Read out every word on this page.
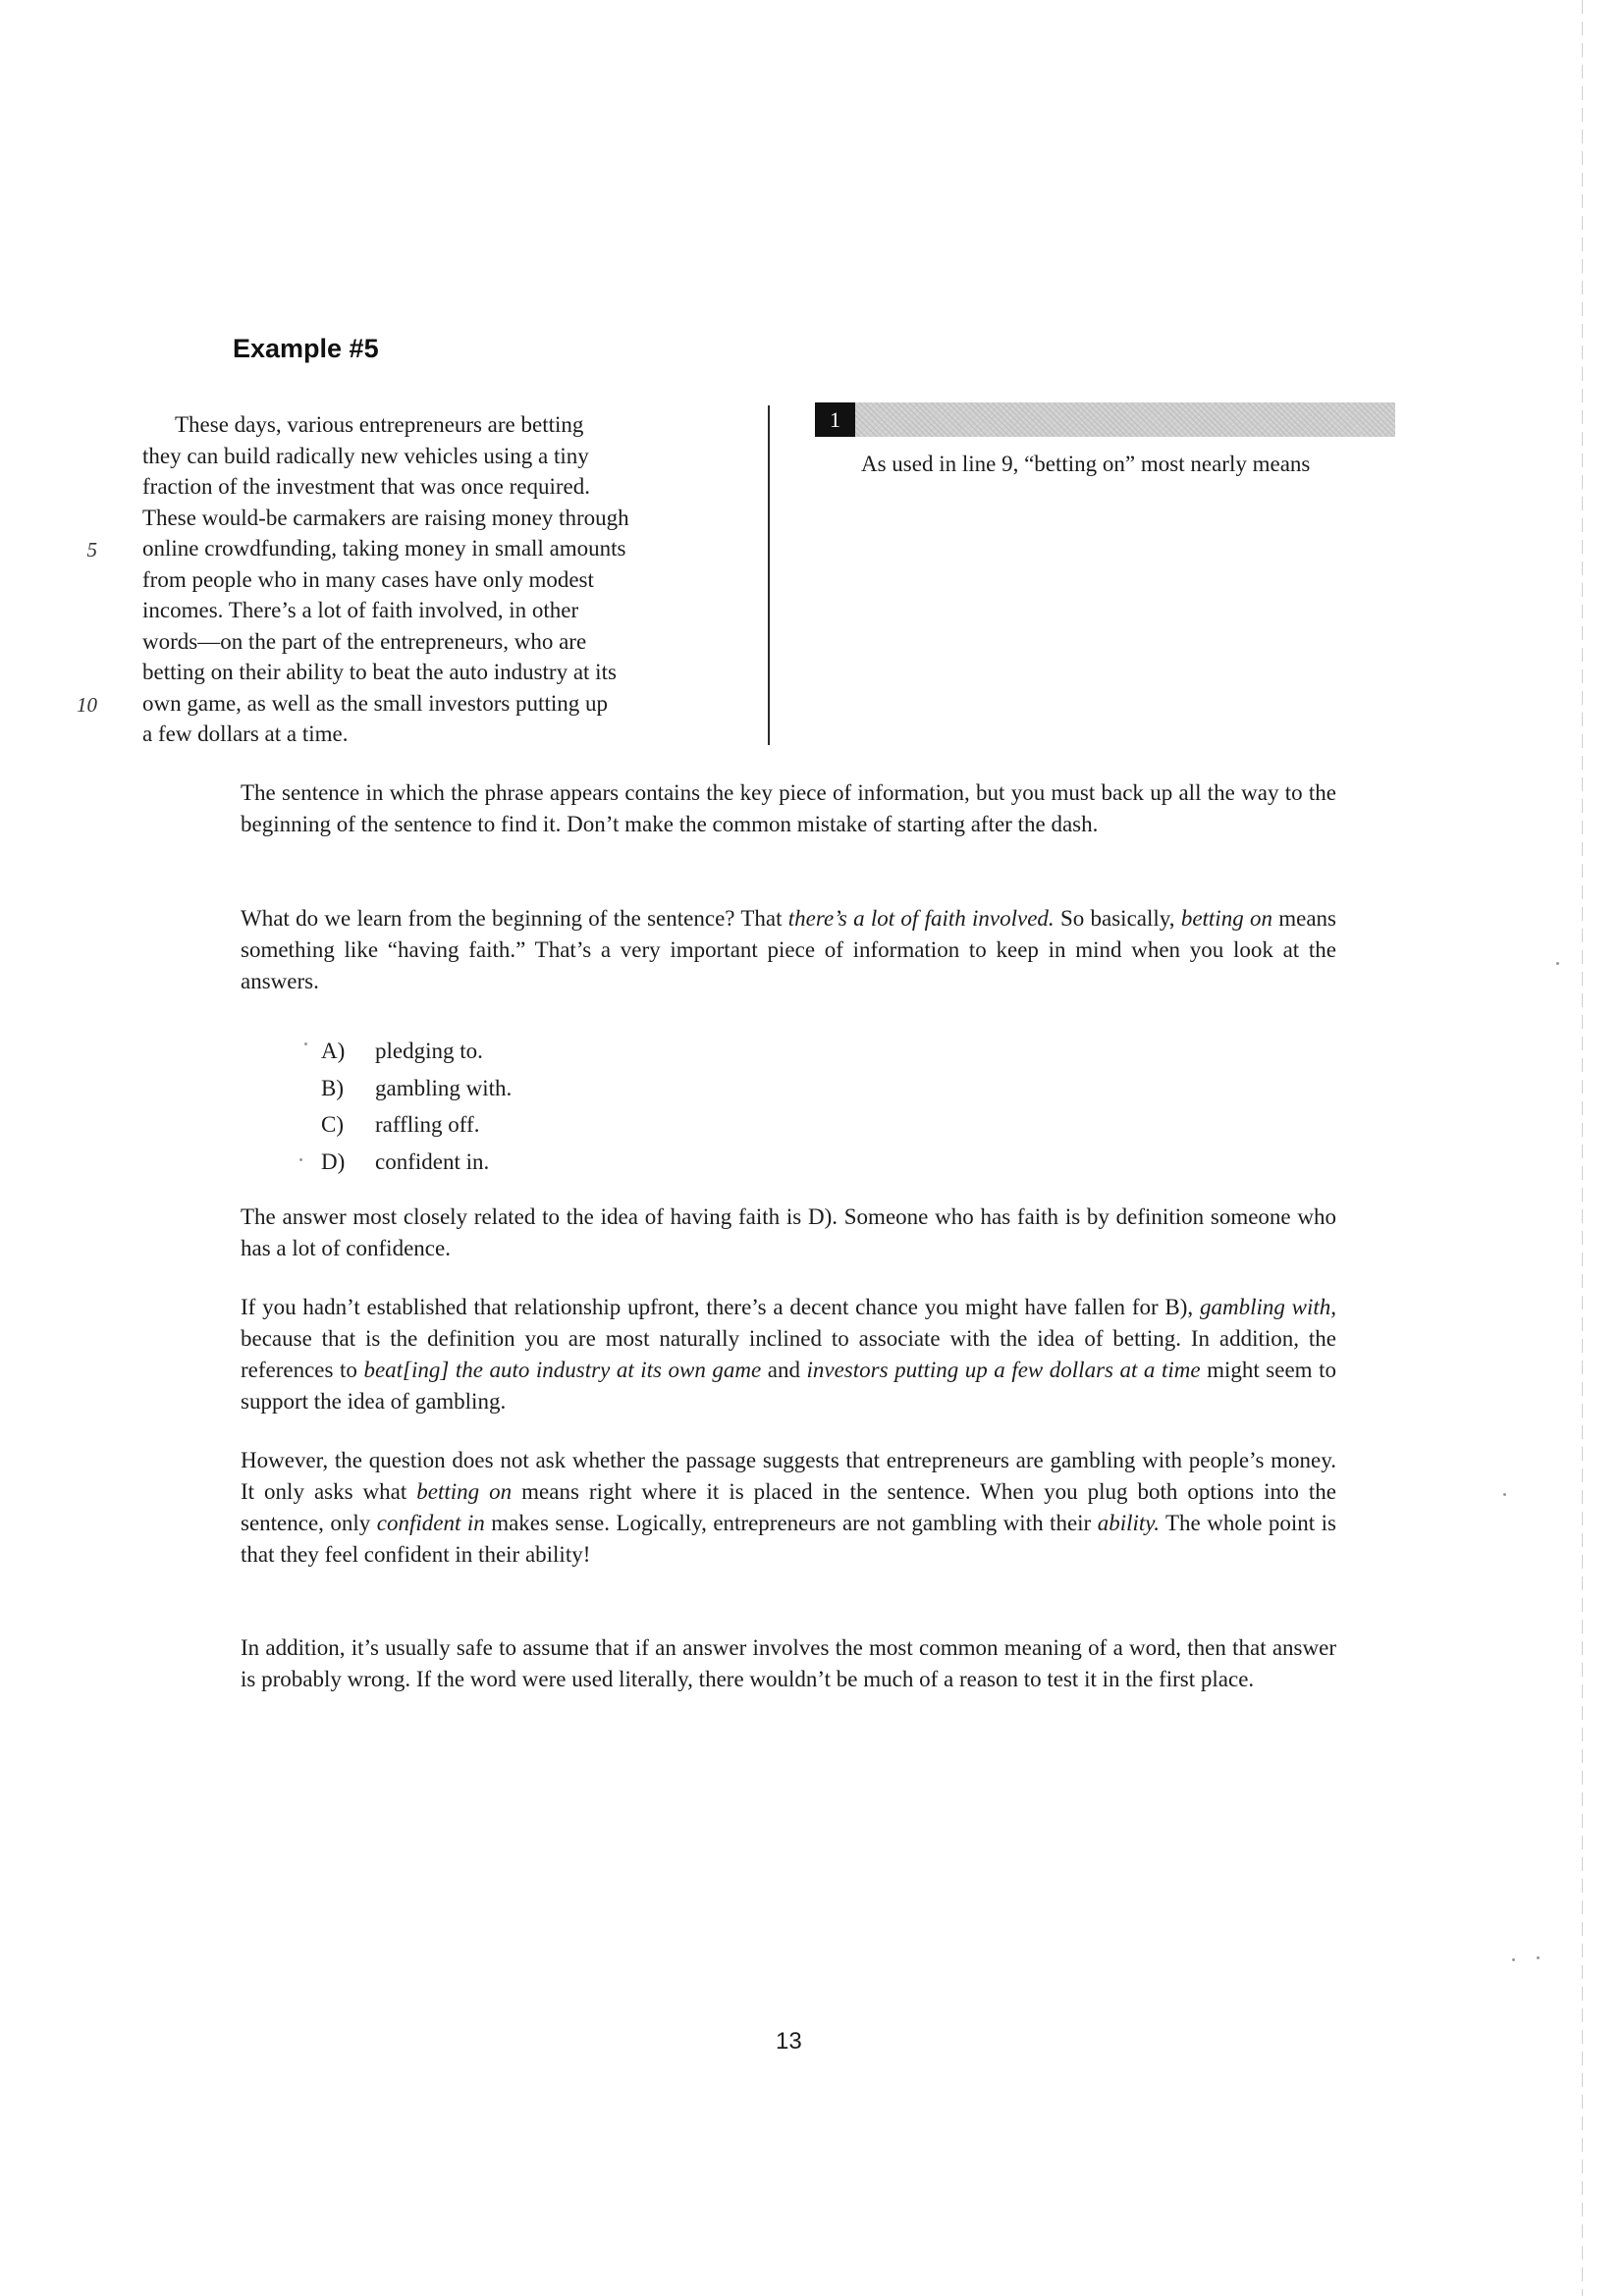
Example #5
These days, various entrepreneurs are betting
they can build radically new vehicles using a tiny
fraction of the investment that was once required.
These would-be carmakers are raising money through
5 online crowdfunding, taking money in small amounts
from people who in many cases have only modest
incomes. There’s a lot of faith involved, in other
words—on the part of the entrepreneurs, who are
betting on their ability to beat the auto industry at its
10 own game, as well as the small investors putting up
a few dollars at a time.
1
As used in line 9, “betting on” most nearly means

The sentence in which the phrase appears contains the key piece of information, but you must back up all the way to the beginning of the sentence to find it. Don’t make the common mistake of starting after the dash.

What do we learn from the beginning of the sentence? That there’s a lot of faith involved. So basically, betting on means something like “having faith.” That’s a very important piece of information to keep in mind when you look at the answers.

A) pledging to.
B) gambling with.
C) raffling off.
D) confident in.

The answer most closely related to the idea of having faith is D). Someone who has faith is by definition someone who has a lot of confidence.

If you hadn’t established that relationship upfront, there’s a decent chance you might have fallen for B), gambling with, because that is the definition you are most naturally inclined to associate with the idea of betting. In addition, the references to beat[ing] the auto industry at its own game and investors putting up a few dollars at a time might seem to support the idea of gambling.

However, the question does not ask whether the passage suggests that entrepreneurs are gambling with people’s money. It only asks what betting on means right where it is placed in the sentence. When you plug both options into the sentence, only confident in makes sense. Logically, entrepreneurs are not gambling with their ability. The whole point is that they feel confident in their ability!

In addition, it’s usually safe to assume that if an answer involves the most common meaning of a word, then that answer is probably wrong. If the word were used literally, there wouldn’t be much of a reason to test it in the first place.

13
